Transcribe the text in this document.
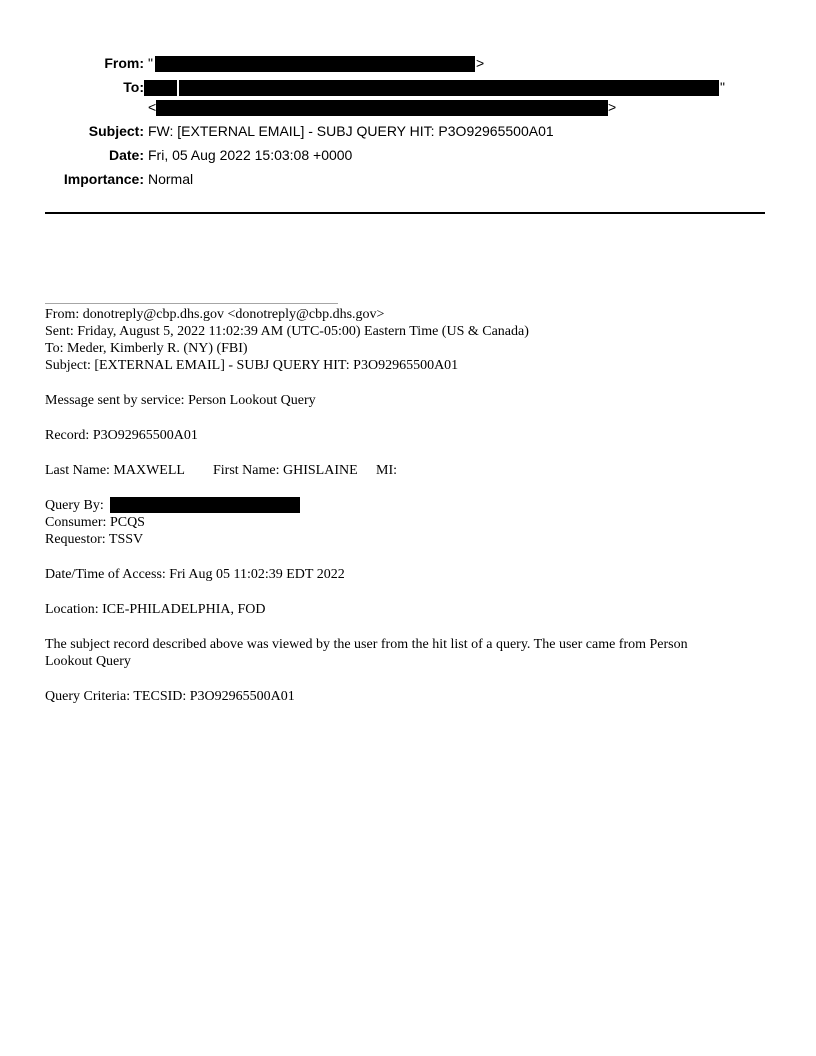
From: "	>
To:	"
<	>
Subject: FW: [EXTERNAL EMAIL] - SUBJ QUERY HIT: P3O92965500A01
Date: Fri, 05 Aug 2022 15:03:08 +0000
Importance: Normal
From: donotreply@cbp.dhs.gov <donotreply@cbp.dhs.gov>
Sent: Friday, August 5, 2022 11:02:39 AM (UTC-05:00) Eastern Time (US & Canada)
To: Meder, Kimberly R. (NY) (FBI)
Subject: [EXTERNAL EMAIL] - SUBJ QUERY HIT: P3O92965500A01
Message sent by service: Person Lookout Query
Record: P3O92965500A01
Last Name: MAXWELL First Name: GHISLAINE MI:
Query By:
Consumer: PCQS
Requestor: TSSV
Date/Time of Access: Fri Aug 05 11:02:39 EDT 2022
Location: ICE-PHILADELPHIA, FOD
The subject record described above was viewed by the user from the hit list of a query. The user came from Person Lookout Query
Query Criteria: TECSID: P3O92965500A01
